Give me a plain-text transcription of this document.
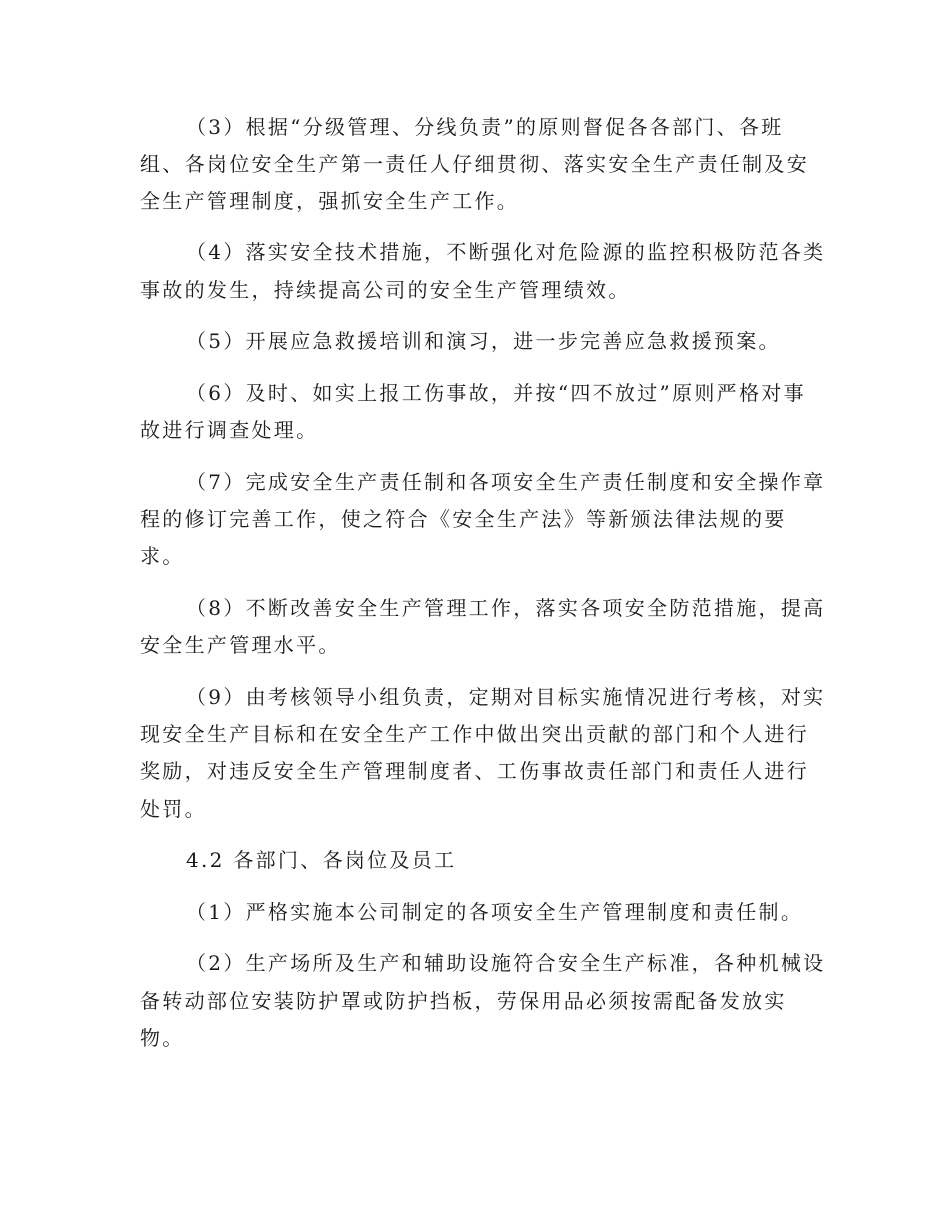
（3）根据“分级管理、分线负责”的原则督促各各部门、各班
组、各岗位安全生产第一责任人仔细贯彻、落实安全生产责任制及安
全生产管理制度，强抓安全生产工作。
（4）落实安全技术措施，不断强化对危险源的监控积极防范各类
事故的发生，持续提高公司的安全生产管理绩效。
（5）开展应急救援培训和演习，进一步完善应急救援预案。
（6）及时、如实上报工伤事故，并按“四不放过”原则严格对事
故进行调查处理。
（7）完成安全生产责任制和各项安全生产责任制度和安全操作章
程的修订完善工作，使之符合《安全生产法》等新颁法律法规的要
求。
（8）不断改善安全生产管理工作，落实各项安全防范措施，提高
安全生产管理水平。
（9）由考核领导小组负责，定期对目标实施情况进行考核，对实
现安全生产目标和在安全生产工作中做出突出贡献的部门和个人进行
奖励，对违反安全生产管理制度者、工伤事故责任部门和责任人进行
处罚。
4.2 各部门、各岗位及员工
（1）严格实施本公司制定的各项安全生产管理制度和责任制。
（2）生产场所及生产和辅助设施符合安全生产标准，各种机械设
备转动部位安装防护罩或防护挡板，劳保用品必须按需配备发放实
物。
